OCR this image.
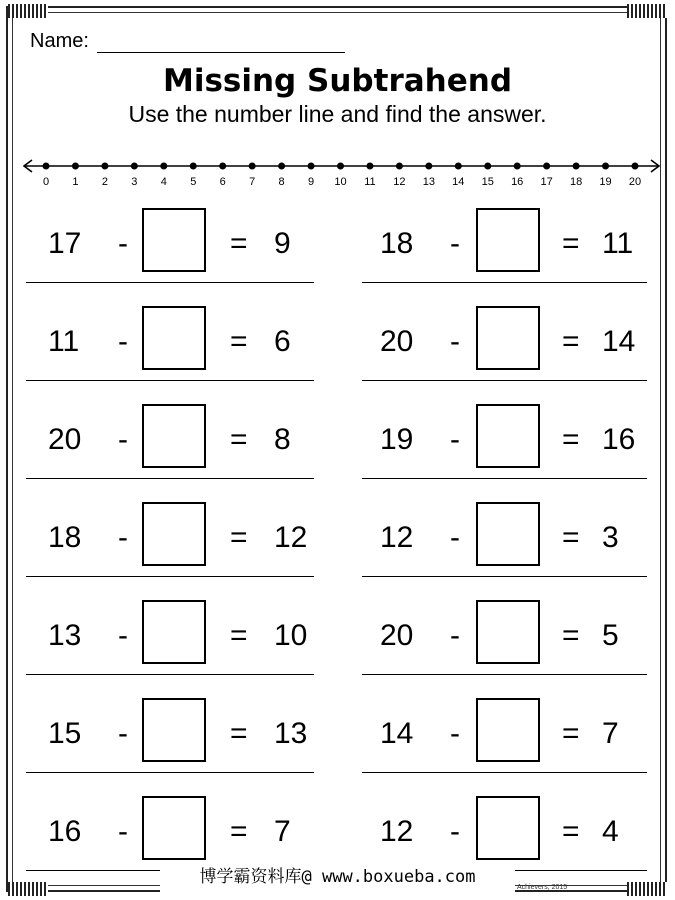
Name:
Missing Subtrahend
Use the number line and find the answer.
0 1 2 3 4 5 6 7 8 9 10 11 12 13 14 15 16 17 18 19 20
17 -	= 9
11 -	= 6
20 -	= 8
18 -	= 12
13 -	= 10
15 -	= 13
16 -	= 7
18 -	= 11
20 -	= 14
19 -	= 16
12 -	= 3
20 -	= 5
14 -	= 7
12 -	= 4
博学霸资料库@ www.boxueba.com
Achievers, 2015
